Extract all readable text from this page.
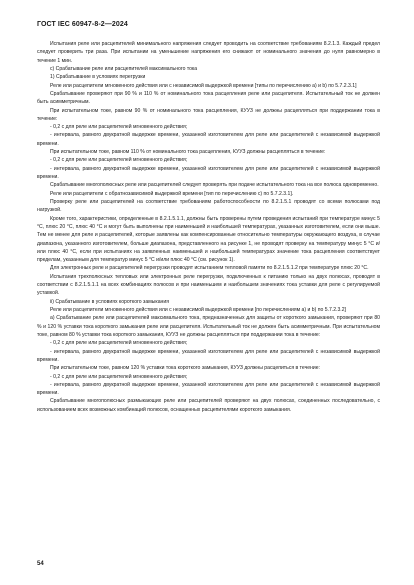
ГОСТ IEC 60947-8-2—2024

Испытания реле или расцепителей минимального напряжения следует проводить на соответствие требованиям 8.2.1.3. Каждый предел следует проверить три раза. При испытании на уменьшение напряжения его снижают от номинального значения до нуля равномерно в течение 1 мин.

c) Срабатывание реле или расцепителей максимального тока

1) Срабатывание в условиях перегрузки

Реле или расцепители мгновенного действия или с независимой выдержкой времени [типы по перечислению a) и b) по 5.7.2.3.1]

Срабатывание проверяют при 90 % и 110 % от номинального тока расцепления реле или расцепителя. Испытательный ток не должен быть асимметричным.

При испытательном токе, равном 90 % от номинального тока расцепления, КУУЗ не должны расцепляться при поддержании тока в течение:

- 0,2 с для реле или расцепителей мгновенного действия;

- интервала, равного двукратной выдержке времени, указанной изготовителем для реле или расцепителей с независимой выдержкой времени.

При испытательном токе, равном 110 % от номинального тока расцепления, КУУЗ должны расцепляться в течение:

- 0,2 с для реле или расцепителей мгновенного действия;

- интервала, равного двукратной выдержке времени, указанной изготовителем для реле или расцепителей с независимой выдержкой времени.

Срабатывание многополюсных реле или расцепителей следует проверять при подаче испытательного тока на все полюса одновременно.

Реле или расцепители с обратнозависимой выдержкой времени [тип по перечислению c) по 5.7.2.3.1].

Проверку реле или расцепителей на соответствие требованиям работоспособности по 8.2.1.5.1 проводят со всеми полюсами под нагрузкой.

Кроме того, характеристики, определенные в 8.2.1.5.1.1, должны быть проверены путем проведения испытаний при температуре минус 5 °C, плюс 20 °C, плюс 40 °C и могут быть выполнены при наименьшей и наибольшей температурах, указанных изготовителем, если они выше. Тем не менее для реле и расцепителей, которые заявлены как компенсированные относительно температуры окружающего воздуха, в случае диапазона, указанного изготовителем, больше диапазона, представленного на рисунке 1, не проводят проверку на температуру минус 5 °C и/или плюс 40 °C, если при испытаниях на заявленных наименьшей и наибольшей температурах значение тока расцепления соответствует пределам, указанным для температур минус 5 °C и/или плюс 40 °C (см. рисунок 1).

Для электронных реле и расцепителей перегрузки проводят испытанием тепловой памяти по 8.2.1.5.1.2 при температуре плюс 20 °C.

Испытания трехполюсных тепловых или электронных реле перегрузки, подключенных к питанию только на двух полюсах, проводят в соответствии с 8.2.1.5.1.1 на всех комбинациях полюсов и при наименьшем и наибольшем значениях тока уставки для реле с регулируемой уставкой.

ii) Срабатывание в условиях короткого замыкания

Реле или расцепители мгновенного действия или с независимой выдержкой времени [по перечислениям a) и b) по 5.7.2.3.2]

a) Срабатывание реле или расцепителей максимального тока, предназначенных для защиты от короткого замыкания, проверяют при 80 % и 120 % уставки тока короткого замыкания реле или расцепителя. Испытательный ток не должен быть асимметричным. При испытательном токе, равном 80 % уставки тока короткого замыкания, КУУЗ не должны расцепляться при поддержании тока в течение:

- 0,2 с для реле или расцепителей мгновенного действия;

- интервала, равного двукратной выдержке времени, указанной изготовителем для реле или расцепителей с независимой выдержкой времени.

При испытательном токе, равном 120 % уставки тока короткого замыкания, КУУЗ должны расцепиться в течение:

- 0,2 с для реле или расцепителей мгновенного действия;

- интервала, равного двукратной выдержке времени, указанной изготовителем для реле или расцепителей с независимой выдержкой времени.

Срабатывание многополюсных размыкающих реле или расцепителей проверяют на двух полюсах, соединенных последовательно, с использованием всех возможных комбинаций полюсов, оснащенных расцепителями короткого замыкания.

54
